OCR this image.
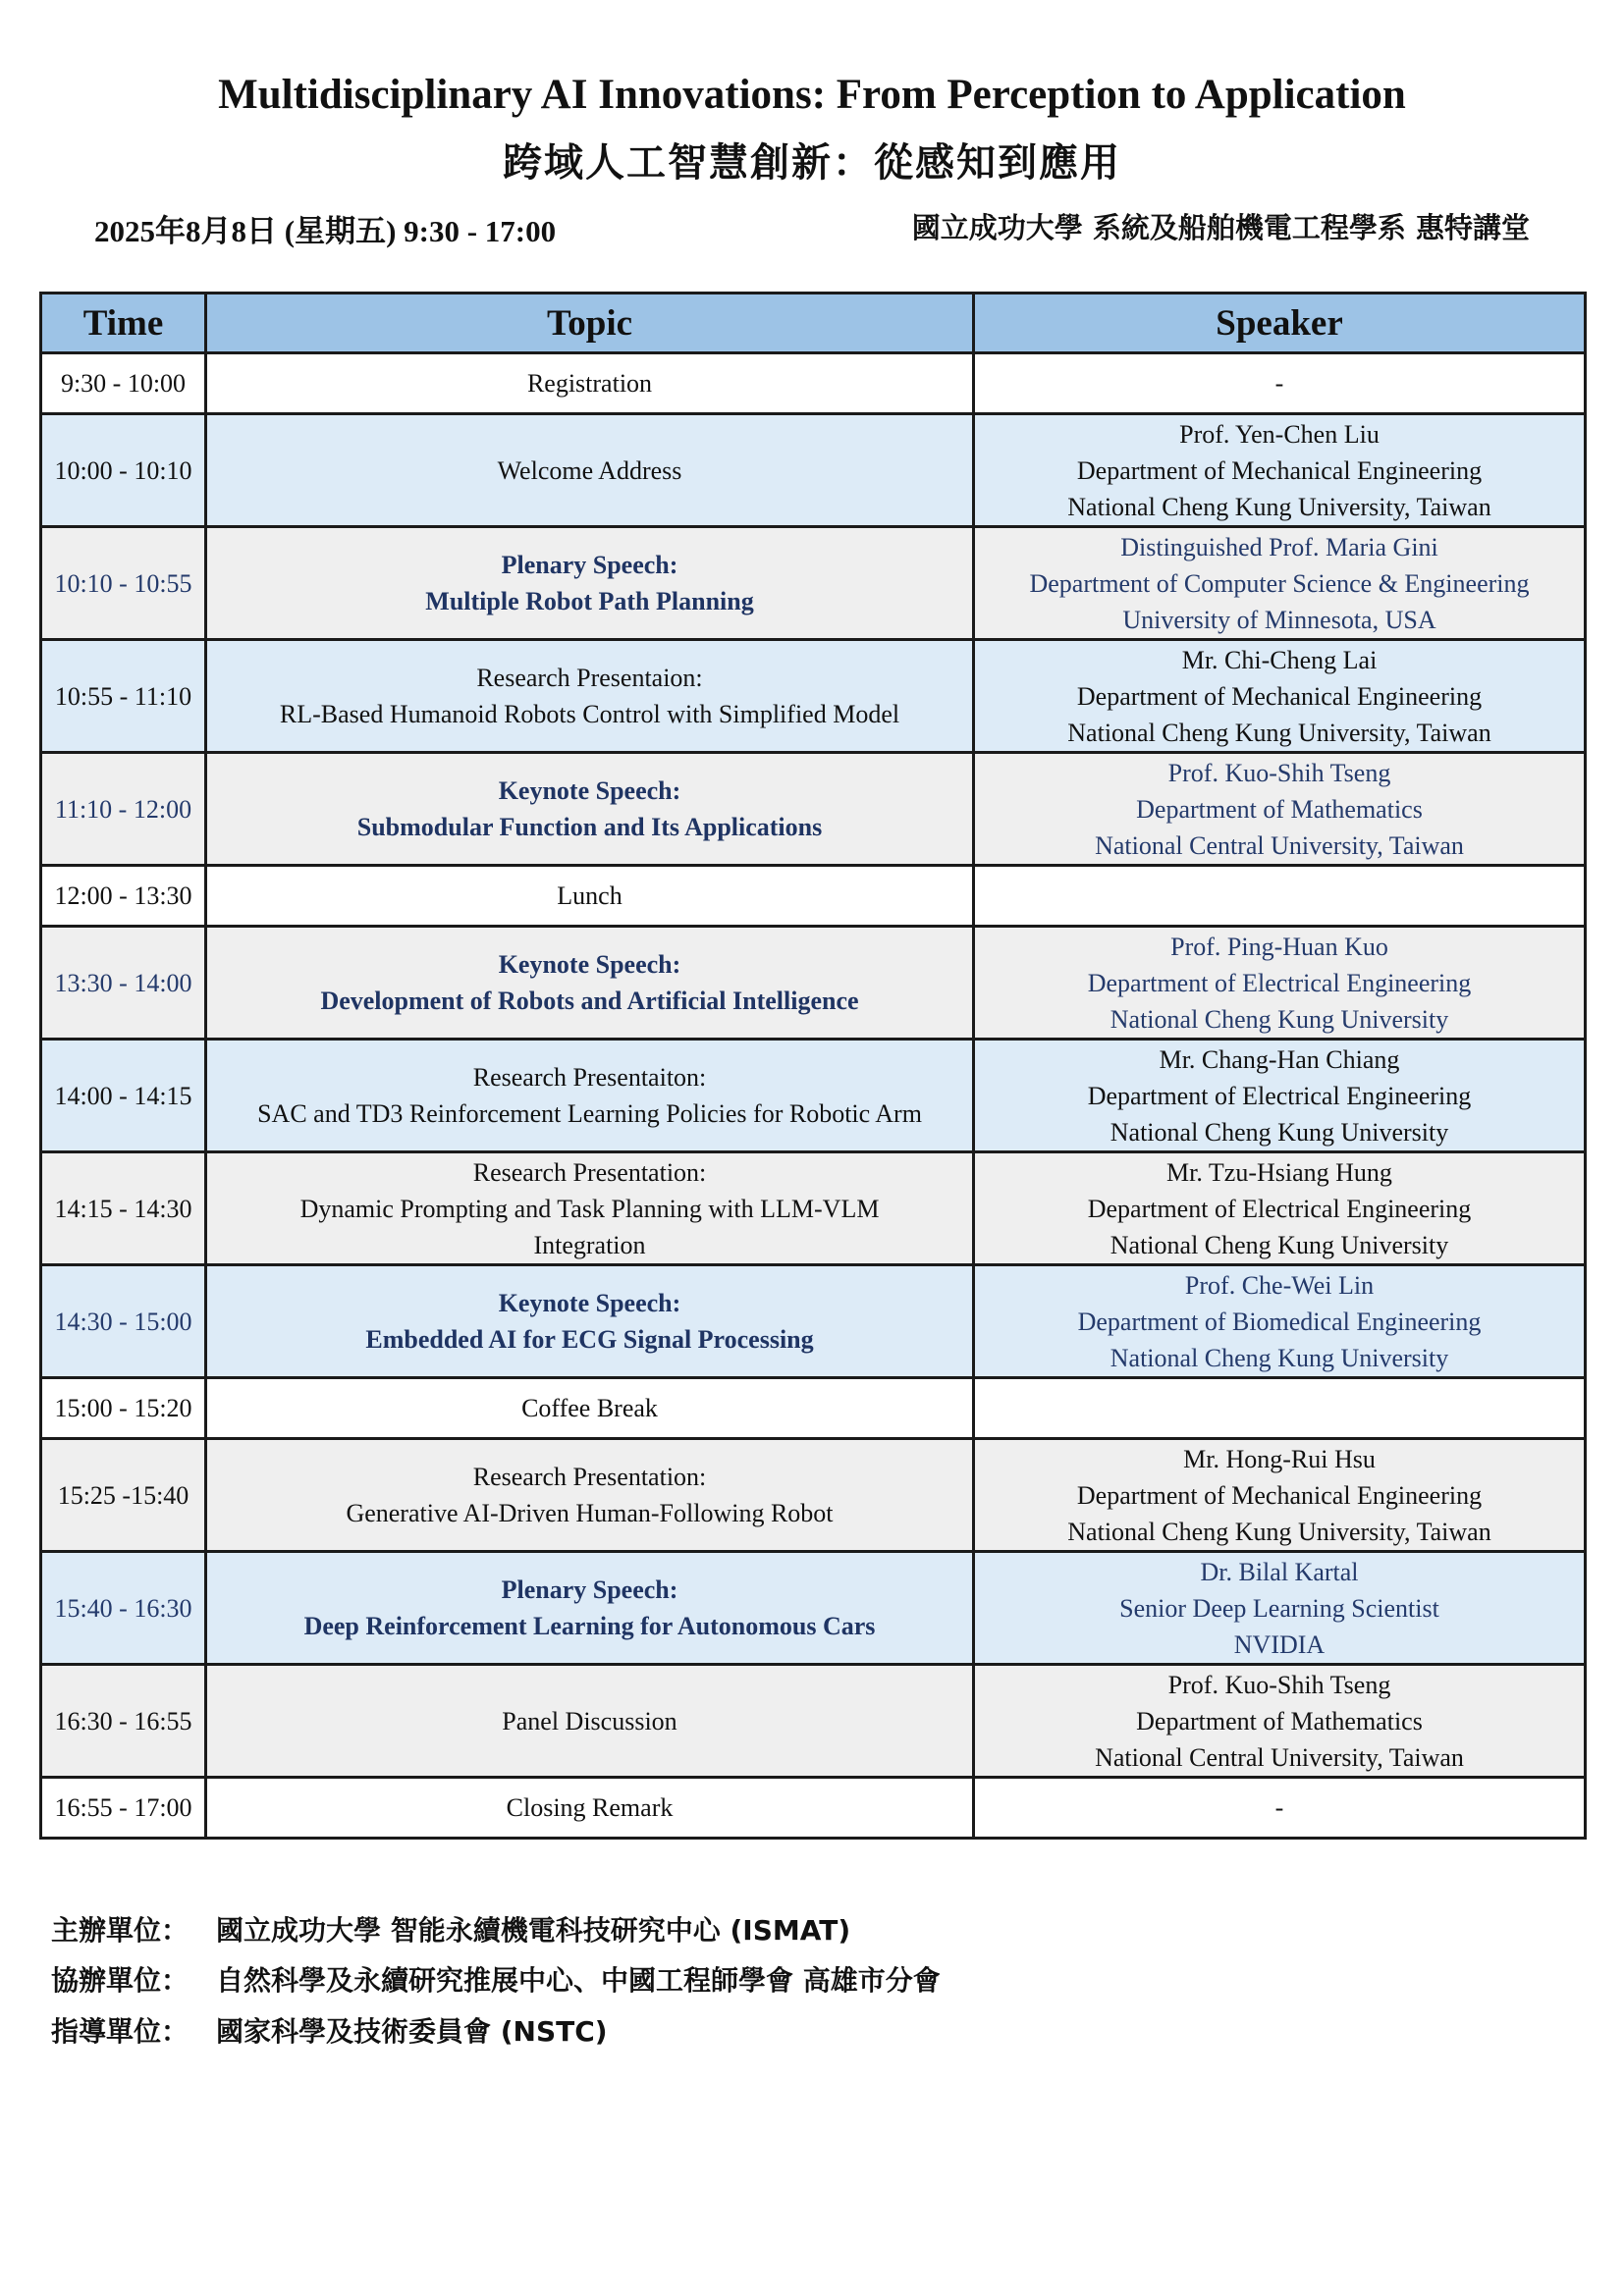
Multidisciplinary AI Innovations: From Perception to Application
跨域人工智慧創新：從感知到應用
2025年8月8日 (星期五) 9:30 - 17:00	國立成功大學 系統及船舶機電工程學系 惠特講堂
Time	Topic	Speaker
9:30 - 10:00	Registration	-

10:00 - 10:10	Welcome Address	Prof. Yen-Chen Liu
Department of Mechanical Engineering
National Cheng Kung University, Taiwan

10:10 - 10:55	Plenary Speech:
Multiple Robot Path Planning	Distinguished Prof. Maria Gini
Department of Computer Science & Engineering
University of Minnesota, USA

10:55 - 11:10	Research Presentaion:
RL-Based Humanoid Robots Control with Simplified Model	Mr. Chi-Cheng Lai
Department of Mechanical Engineering
National Cheng Kung University, Taiwan

11:10 - 12:00	Keynote Speech:
Submodular Function and Its Applications	Prof. Kuo-Shih Tseng
Department of Mathematics
National Central University, Taiwan

12:00 - 13:30	Lunch	

13:30 - 14:00	Keynote Speech:
Development of Robots and Artificial Intelligence	Prof. Ping-Huan Kuo
Department of Electrical Engineering
National Cheng Kung University

14:00 - 14:15	Research Presentaiton:
SAC and TD3 Reinforcement Learning Policies for Robotic Arm	Mr. Chang-Han Chiang
Department of Electrical Engineering
National Cheng Kung University

14:15 - 14:30	Research Presentation:
Dynamic Prompting and Task Planning with LLM-VLM
Integration	Mr. Tzu-Hsiang Hung
Department of Electrical Engineering
National Cheng Kung University

14:30 - 15:00	Keynote Speech:
Embedded AI for ECG Signal Processing	Prof. Che-Wei Lin
Department of Biomedical Engineering
National Cheng Kung University

15:00 - 15:20	Coffee Break	

15:25 -15:40	Research Presentation:
Generative AI-Driven Human-Following Robot	Mr. Hong-Rui Hsu
Department of Mechanical Engineering
National Cheng Kung University, Taiwan

15:40 - 16:30	Plenary Speech:
Deep Reinforcement Learning for Autonomous Cars	Dr. Bilal Kartal
Senior Deep Learning Scientist
NVIDIA

16:30 - 16:55	Panel Discussion	Prof. Kuo-Shih Tseng
Department of Mathematics
National Central University, Taiwan

16:55 - 17:00	Closing Remark	-
主辦單位： 國立成功大學 智能永續機電科技研究中心 (ISMAT)
協辦單位： 自然科學及永續研究推展中心、中國工程師學會 高雄市分會
指導單位： 國家科學及技術委員會 (NSTC)
